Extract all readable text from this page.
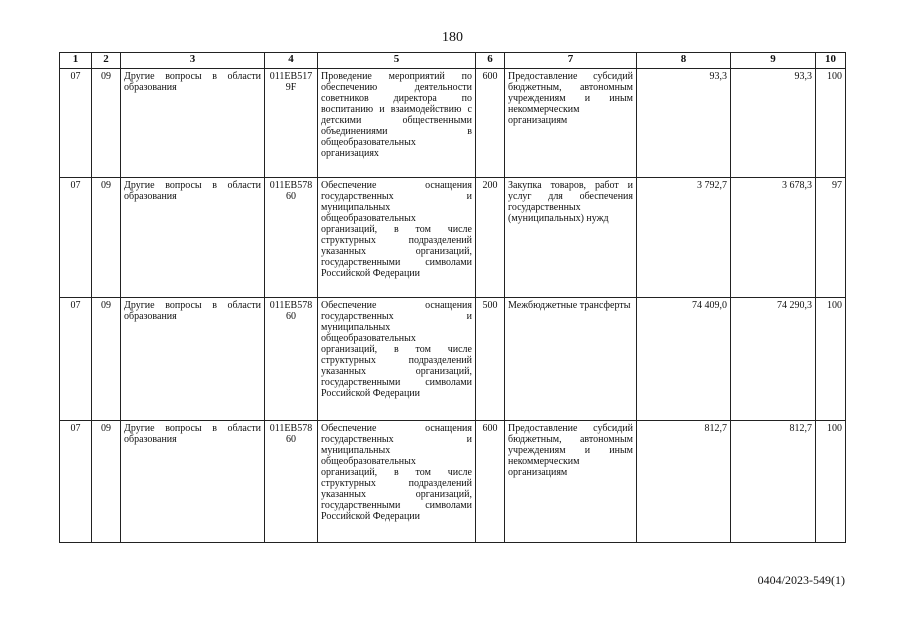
180
1	2	3	4	5	6	7	8	9	10
07	09	Другие вопросы в области образования	011EB5179F	Проведение мероприятий по обеспечению деятельности советников директора по воспитанию и взаимодействию с детскими общественными объединениями в общеобразовательных организациях	600	Предоставление субсидий бюджетным, автономным учреждениям и иным некоммерческим организациям	93,3	93,3	100
07	09	Другие вопросы в области образования	011EB57860	Обеспечение оснащения государственных и муниципальных общеобразовательных организаций, в том числе структурных подразделений указанных организаций, государственными символами Российской Федерации	200	Закупка товаров, работ и услуг для обеспечения государственных (муниципальных) нужд	3 792,7	3 678,3	97
07	09	Другие вопросы в области образования	011EB57860	Обеспечение оснащения государственных и муниципальных общеобразовательных организаций, в том числе структурных подразделений указанных организаций, государственными символами Российской Федерации	500	Межбюджетные трансферты	74 409,0	74 290,3	100
07	09	Другие вопросы в области образования	011EB57860	Обеспечение оснащения государственных и муниципальных общеобразовательных организаций, в том числе структурных подразделений указанных организаций, государственными символами Российской Федерации	600	Предоставление субсидий бюджетным, автономным учреждениям и иным некоммерческим организациям	812,7	812,7	100
0404/2023-549(1)
